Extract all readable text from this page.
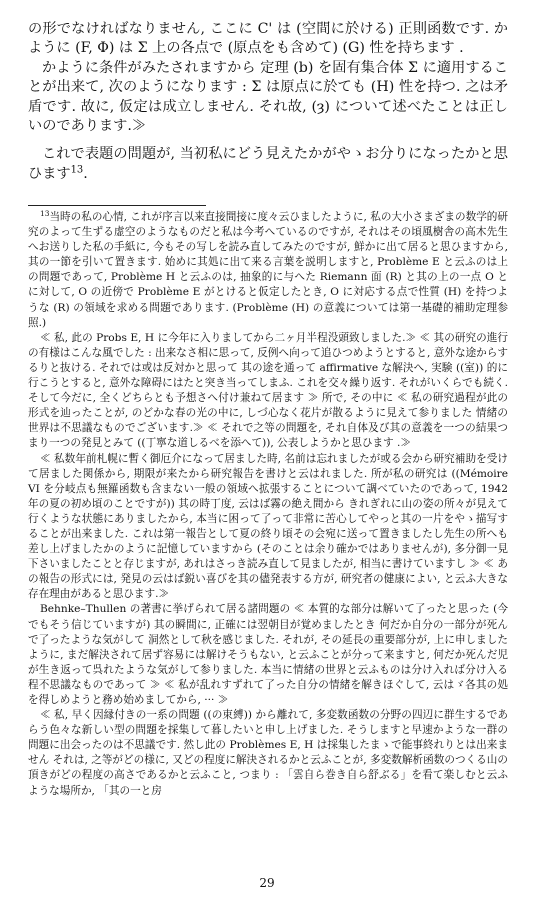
の形でなければなりません, ここに C' は (空間に於ける) 正則函数です. かように (F, Φ) は Σ 上の各点で (原点をも含めて) (G) 性を持ちます .

かように条件がみたされますから 定理 (b) を固有集合体 Σ に適用することが出来て, 次のようになります : Σ は原点に於ても (H) 性を持つ. 之は矛盾です. 故に, 仮定は成立しません. それ故, (ȝ) について述べたことは正しいのであります.≫

これで表題の問題が, 当初私にどう見えたかがやゝお分りになったかと思ひます$^{13}$.

$^{13}$当時の私の心情, これが序言以来直接間接に度々云ひましたように, 私の大小さまざまの数学的研究のよって生ずる虚空のようなものだと私は今考へているのですが, それはその頃風樹舎の高木先生へお送りした私の手紙に, 今もその写しを読み直してみたのですが, 鮮かに出て居ると思ひますから, 其の一節を引いて置きます. 始めに其処に出て来る言葉を説明しますと, Problème E と云ふのは上の問題であって, Problème H と云ふのは, 抽象的に与へた Riemann 面 (R) と其の上の一点 O とに対して, O の近傍で Problème E がとけると仮定したとき, O に対応する点で性質 (H) を持つような (R) の領域を求める問題であります. (Problème (H) の意義については第一基礎的補助定理参照.)

≪ 私, 此の Probs E, H に今年に入りましてから二ヶ月半程没頭致しました.≫ ≪ 其の研究の進行の有様はこんな風でした : 出来なさ相に思って, 反例へ向って追ひつめようとすると, 意外な途からするりと抜ける. それでは或は反対かと思って 其の途を通って affirmative な解決へ, 実験 ((室)) 的に行こうとすると, 意外な障碍にはたと突き当ってしまふ. これを交々繰り返す. それがいくらでも続く. そして今だに, 全くどちらとも予想さへ付け兼ねて居ます ≫ 所で, その中に ≪ 私の研究過程が此の形式を辿ったことが, のどかな春の光の中に, しづ心なく花片が散るように見えて参りました 情緒の世界は不思議なものでございます.≫ ≪ それで之等の問題を, それ自体及び其の意義を一つの結果つまり一つの発見とみて ((丁寧な道しるべを添へて)), 公表しようかと思ひます .≫

≪ 私数年前札幌に暫く御厄介になって居ました時, 名前は忘れましたが或る会から研究補助を受けて居ました関係から, 期限が来たから研究報告を書けと云はれました. 所が私の研究は ((Mémoire VI を分岐点も無羅函数も含まない一般の領域へ拡張することについて調べていたのであって, 1942 年の夏の初め頃のことですが)) 其の時丁度, 云はば霧の絶え間から きれぎれに山の姿の所々が見えて行くような状態にありましたから, 本当に困って了って非常に苦心してやっと其の一片をやゝ描写することが出来ました. これは第一報告として夏の終り頃その会宛に送って置きましたし先生の所へも差し上げましたかのように記憶していますから (そのことは余り確かではありませんが), 多分御一見下さいましたことと存じますが, あれはさっき読み直して見ましたが, 相当に書けていますし ≫ ≪ あの報告の形式には, 発見の云はば鋭い喜びを其の儘発表する方が, 研究者の健康によい, と云ふ大きな存在理由があると思ひます.≫

Behnke–Thullen の著書に挙げられて居る諸問題の ≪ 本質的な部分は解いて了ったと思った (今でもそう信じていますが) 其の瞬間に, 正確には翌朝目が覚めましたとき 何だか自分の一部分が死んで了ったような気がして 洞然として秋を感じました. それが, その延長の重要部分が, 上に申しましたように, まだ解決されて居ず容易には解けそうもない, と云ふことが分って来ますと, 何だか死んだ児が生き返って呉れたような気がして参りました. 本当に情緒の世界と云ふものは分け入れば分け入る程不思議なものであって ≫ ≪ 私が乱れすずれて了った自分の情緒を解きほぐして, 云はゞ各其の処を得しめようと務め始めましてから, ··· ≫

≪ 私, 早く因縁付きの一系の問題 ((の束縛)) から離れて, 多変数函数の分野の四辺に群生するであらう色々な新しい型の問題を採集して暮したいと申し上げました. そうしますと早速かような一群の問題に出会ったのは不思議です. 然し此の Problèmes E, H は採集したまゝで能事終れりとは出来ません それは, 之等がどの様に, 又どの程度に解決されるかと云ふことが, 多変数解析函数のつくる山の頂きがどの程度の高さであるかと云ふこと, つまり : 「雲自ら巻き自ら舒ぶる」を看て楽しむと云ふような場所か, 「其の一と房

29
